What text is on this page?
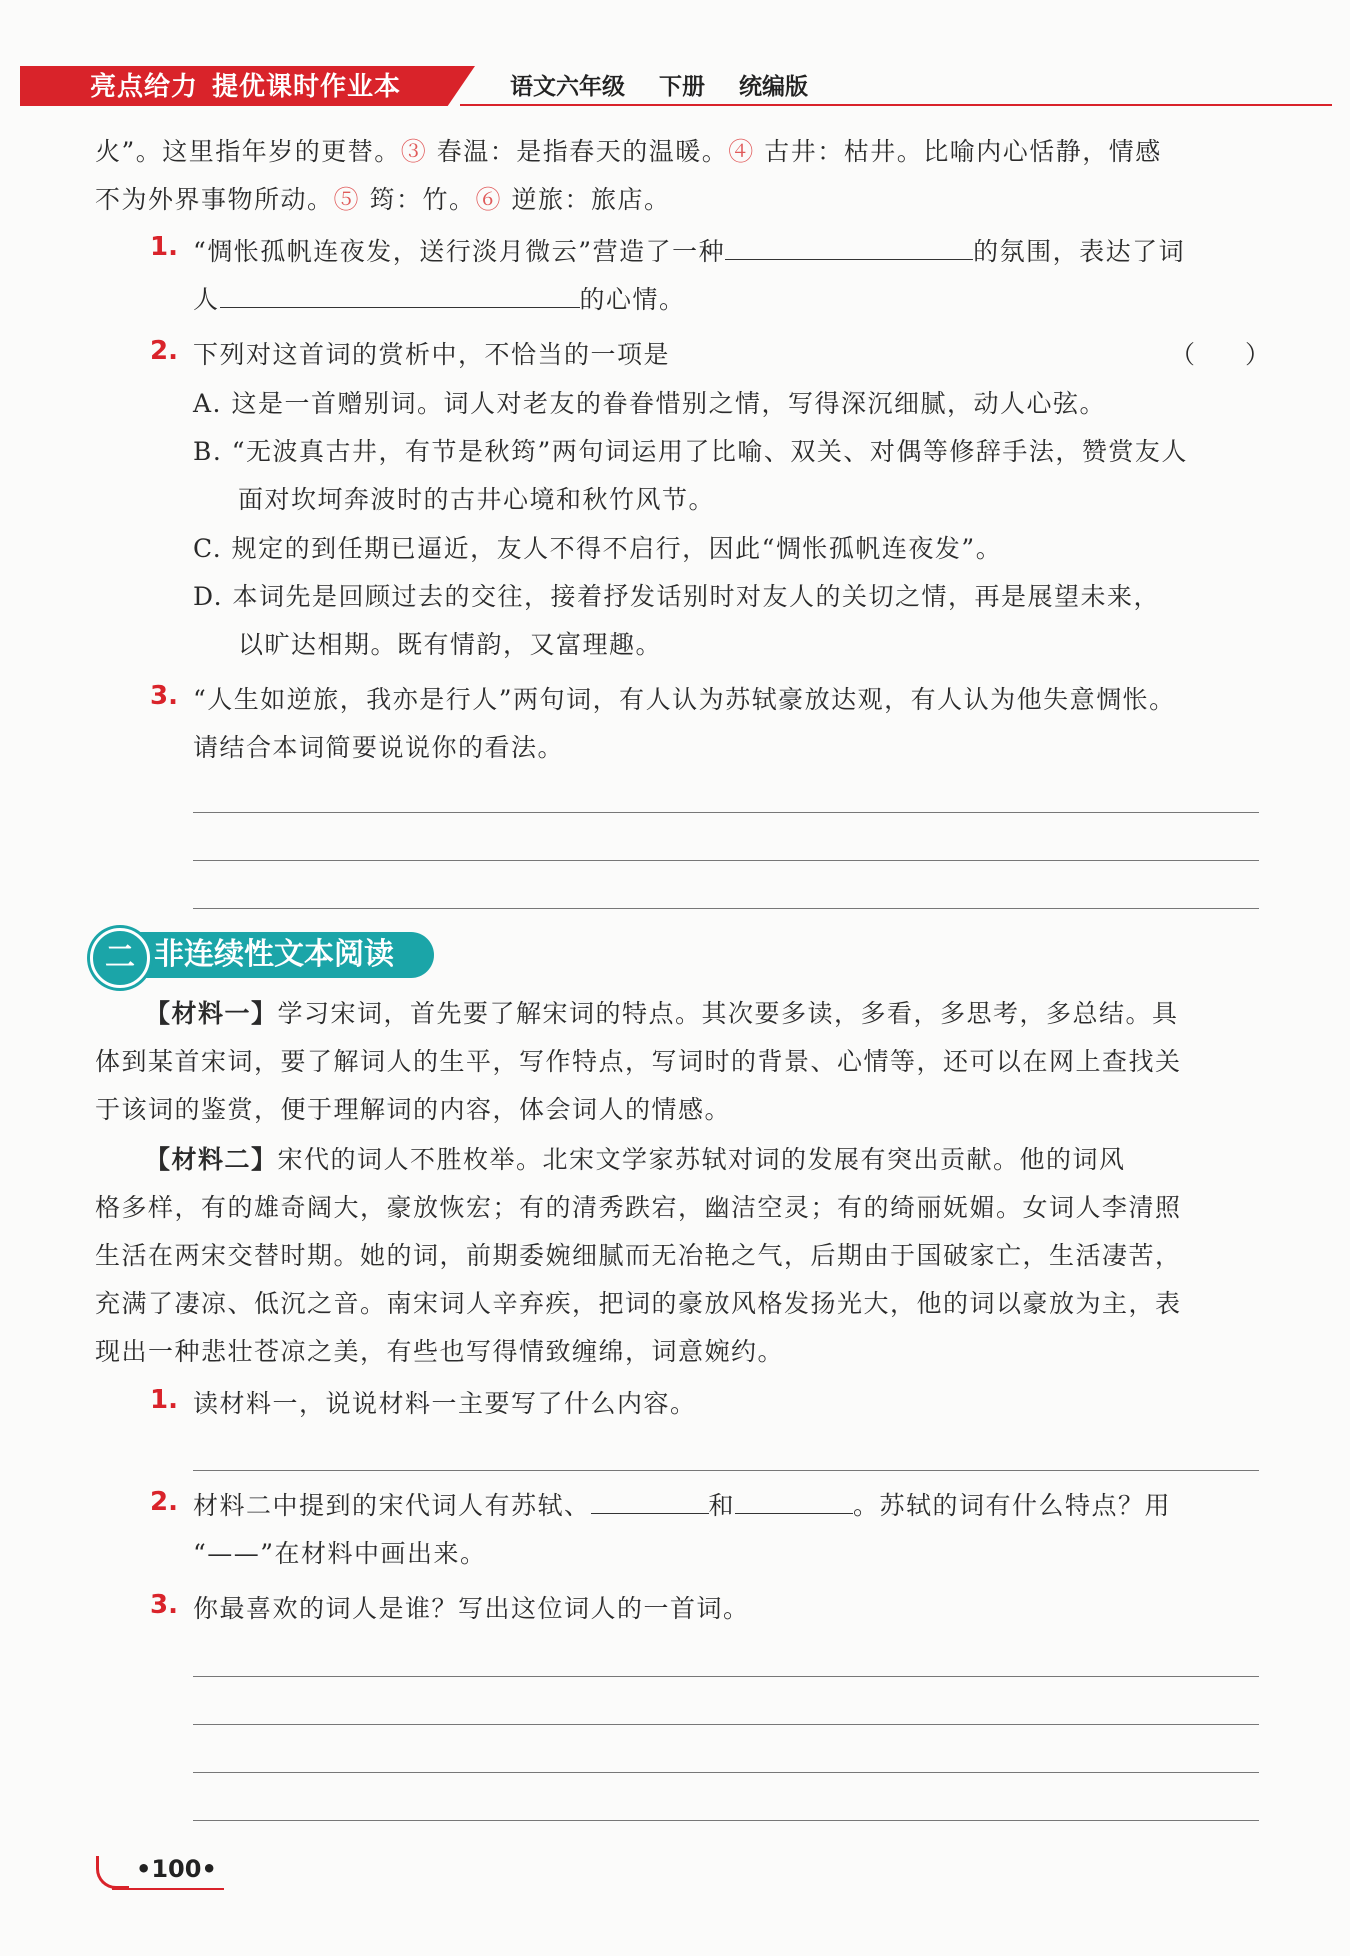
亮点给力 提优课时作业本	语文六年级 下册 统编版
火”。这里指年岁的更替。③ 春温：是指春天的温暖。④ 古井：枯井。比喻内心恬静，情感
不为外界事物所动。⑤ 筠：竹。⑥ 逆旅：旅店。
1. “惆怅孤帆连夜发，送行淡月微云”营造了一种	的氛围，表达了词
人	的心情。
2. 下列对这首词的赏析中，不恰当的一项是	（　　）
A. 这是一首赠别词。词人对老友的眷眷惜别之情，写得深沉细腻，动人心弦。
B. “无波真古井，有节是秋筠”两句词运用了比喻、双关、对偶等修辞手法，赞赏友人
面对坎坷奔波时的古井心境和秋竹风节。
C. 规定的到任期已逼近，友人不得不启行，因此“惆怅孤帆连夜发”。
D. 本词先是回顾过去的交往，接着抒发话别时对友人的关切之情，再是展望未来，
以旷达相期。既有情韵，又富理趣。
3. “人生如逆旅，我亦是行人”两句词，有人认为苏轼豪放达观，有人认为他失意惆怅。
请结合本词简要说说你的看法。
二 非连续性文本阅读
【材料一】学习宋词，首先要了解宋词的特点。其次要多读，多看，多思考，多总结。具
体到某首宋词，要了解词人的生平，写作特点，写词时的背景、心情等，还可以在网上查找关
于该词的鉴赏，便于理解词的内容，体会词人的情感。
【材料二】宋代的词人不胜枚举。北宋文学家苏轼对词的发展有突出贡献。他的词风
格多样，有的雄奇阔大，豪放恢宏；有的清秀跌宕，幽洁空灵；有的绮丽妩媚。女词人李清照
生活在两宋交替时期。她的词，前期委婉细腻而无冶艳之气，后期由于国破家亡，生活凄苦，
充满了凄凉、低沉之音。南宋词人辛弃疾，把词的豪放风格发扬光大，他的词以豪放为主，表
现出一种悲壮苍凉之美，有些也写得情致缠绵，词意婉约。
1. 读材料一，说说材料一主要写了什么内容。
2. 材料二中提到的宋代词人有苏轼、	和	。苏轼的词有什么特点？用
“——”在材料中画出来。
3. 你最喜欢的词人是谁？写出这位词人的一首词。
•100•
